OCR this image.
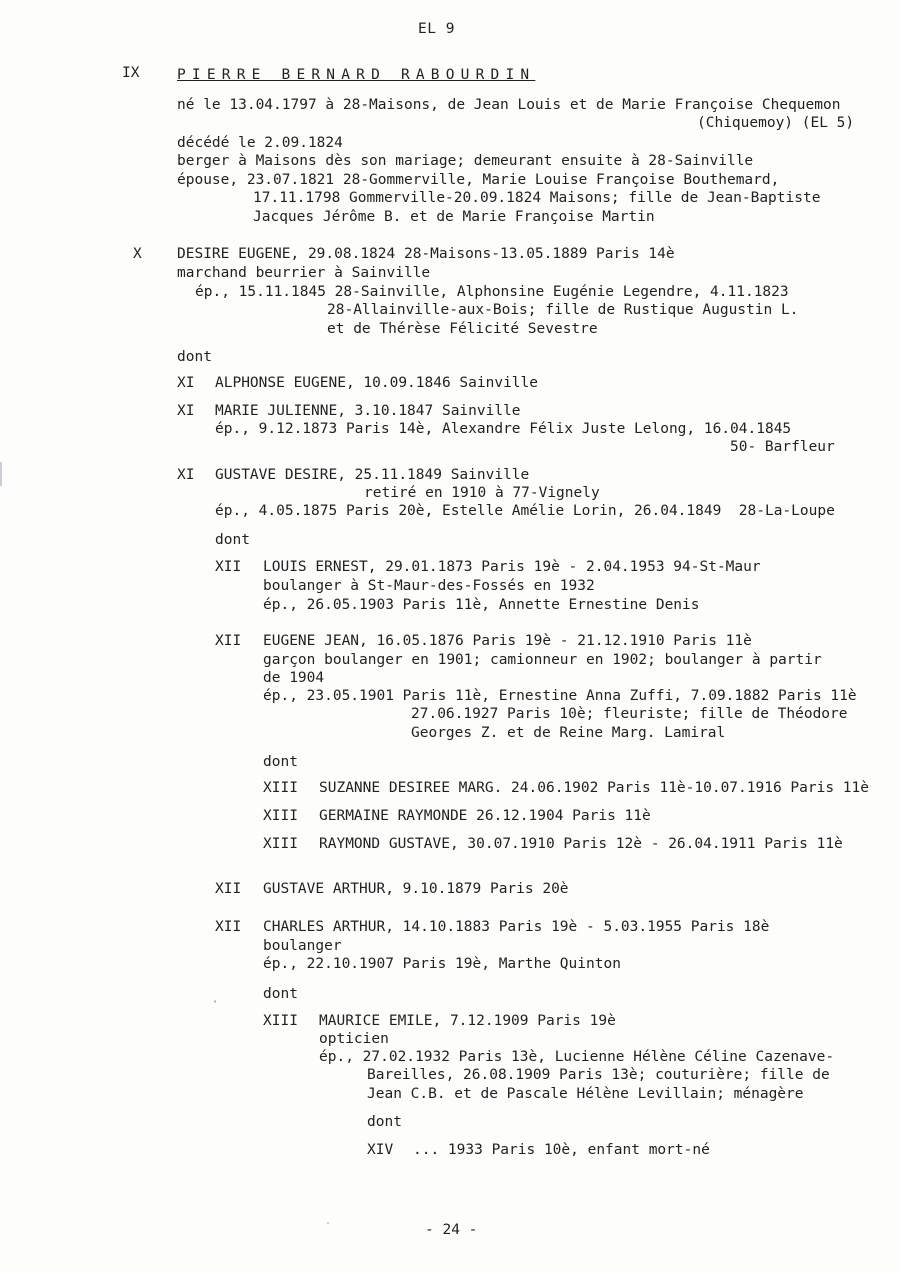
EL 9
IX	PIERRE BERNARD RABOURDIN
né le 13.04.1797 à 28-Maisons, de Jean Louis et de Marie Françoise Chequemon
(Chiquemoy) (EL 5)
décédé le 2.09.1824
berger à Maisons dès son mariage; demeurant ensuite à 28-Sainville
épouse, 23.07.1821 28-Gommerville, Marie Louise Françoise Bouthemard,
17.11.1798 Gommerville-20.09.1824 Maisons; fille de Jean-Baptiste
Jacques Jérôme B. et de Marie Françoise Martin
X DESIRE EUGENE, 29.08.1824 28-Maisons-13.05.1889 Paris 14è
marchand beurrier à Sainville
ép., 15.11.1845 28-Sainville, Alphonsine Eugénie Legendre, 4.11.1823
28-Allainville-aux-Bois; fille de Rustique Augustin L.
et de Thérèse Félicité Sevestre
dont
XI ALPHONSE EUGENE, 10.09.1846 Sainville
XI MARIE JULIENNE, 3.10.1847 Sainville
ép., 9.12.1873 Paris 14è, Alexandre Félix Juste Lelong, 16.04.1845
50- Barfleur
XI GUSTAVE DESIRE, 25.11.1849 Sainville
retiré en 1910 à 77-Vignely
ép., 4.05.1875 Paris 20è, Estelle Amélie Lorin, 26.04.1849  28-La-Loupe
dont
XII LOUIS ERNEST, 29.01.1873 Paris 19è - 2.04.1953 94-St-Maur
boulanger à St-Maur-des-Fossés en 1932
ép., 26.05.1903 Paris 11è, Annette Ernestine Denis
XII EUGENE JEAN, 16.05.1876 Paris 19è - 21.12.1910 Paris 11è
garçon boulanger en 1901; camionneur en 1902; boulanger à partir
de 1904
ép., 23.05.1901 Paris 11è, Ernestine Anna Zuffi, 7.09.1882 Paris 11è
27.06.1927 Paris 10è; fleuriste; fille de Théodore
Georges Z. et de Reine Marg. Lamiral
dont
XIII SUZANNE DESIREE MARG. 24.06.1902 Paris 11è-10.07.1916 Paris 11è
XIII GERMAINE RAYMONDE 26.12.1904 Paris 11è
XIII RAYMOND GUSTAVE, 30.07.1910 Paris 12è - 26.04.1911 Paris 11è
XII GUSTAVE ARTHUR, 9.10.1879 Paris 20è
XII CHARLES ARTHUR, 14.10.1883 Paris 19è - 5.03.1955 Paris 18è
boulanger
ép., 22.10.1907 Paris 19è, Marthe Quinton
dont
XIII MAURICE EMILE, 7.12.1909 Paris 19è
opticien
ép., 27.02.1932 Paris 13è, Lucienne Hélène Céline Cazenave-
Bareilles, 26.08.1909 Paris 13è; couturière; fille de
Jean C.B. et de Pascale Hélène Levillain; ménagère
dont
XIV ... 1933 Paris 10è, enfant mort-né
- 24 -
